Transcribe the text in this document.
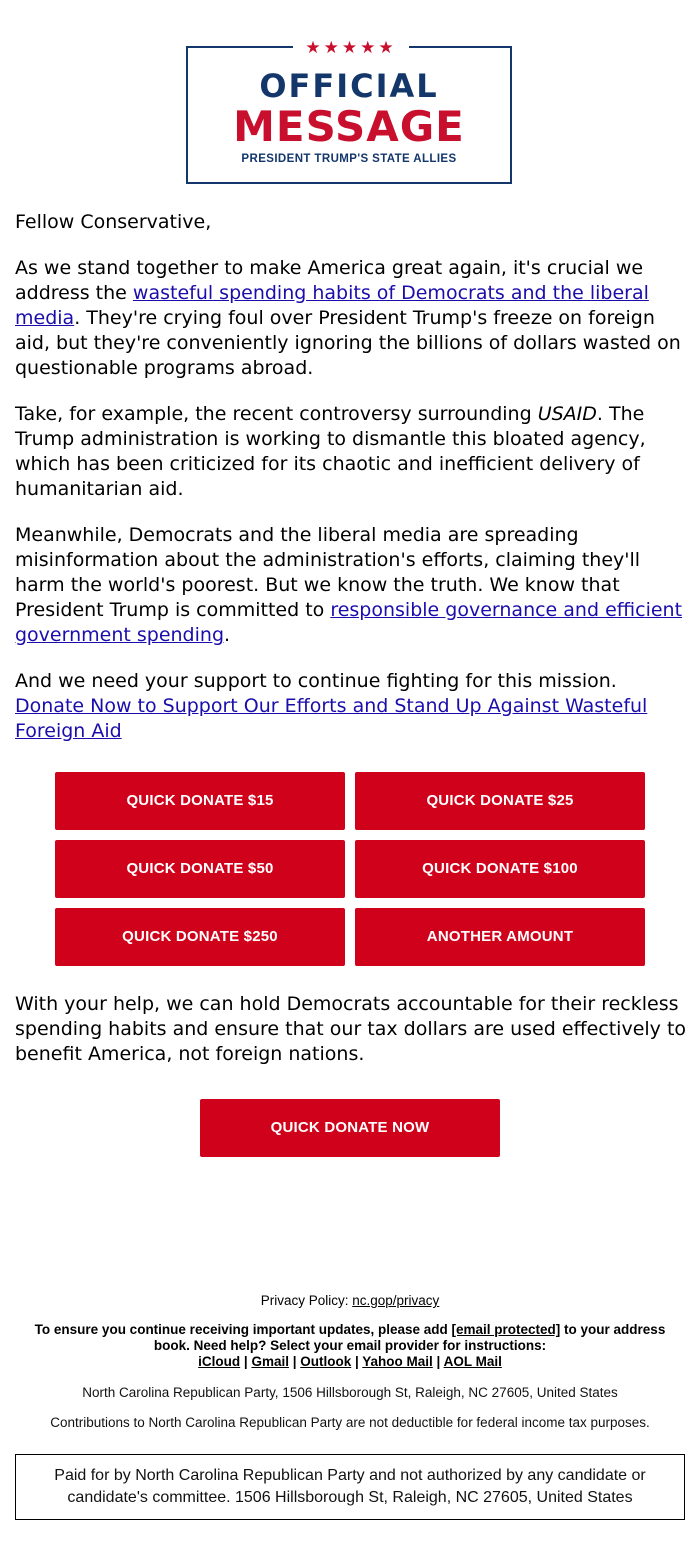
★★★★★
OFFICIAL
MESSAGE
PRESIDENT TRUMP'S STATE ALLIES

Fellow Conservative,

As we stand together to make America great again, it's crucial we address the wasteful spending habits of Democrats and the liberal media. They're crying foul over President Trump's freeze on foreign aid, but they're conveniently ignoring the billions of dollars wasted on questionable programs abroad.

Take, for example, the recent controversy surrounding USAID. The Trump administration is working to dismantle this bloated agency, which has been criticized for its chaotic and inefficient delivery of humanitarian aid.

Meanwhile, Democrats and the liberal media are spreading misinformation about the administration's efforts, claiming they'll harm the world's poorest. But we know the truth. We know that President Trump is committed to responsible governance and efficient government spending.

And we need your support to continue fighting for this mission. Donate Now to Support Our Efforts and Stand Up Against Wasteful Foreign Aid

QUICK DONATE $15	QUICK DONATE $25
QUICK DONATE $50	QUICK DONATE $100
QUICK DONATE $250	ANOTHER AMOUNT

With your help, we can hold Democrats accountable for their reckless spending habits and ensure that our tax dollars are used effectively to benefit America, not foreign nations.

QUICK DONATE NOW
Privacy Policy: nc.gop/privacy
To ensure you continue receiving important updates, please add [email protected] to your address book. Need help? Select your email provider for instructions:
iCloud | Gmail | Outlook | Yahoo Mail | AOL Mail
North Carolina Republican Party, 1506 Hillsborough St, Raleigh, NC 27605, United States
Contributions to North Carolina Republican Party are not deductible for federal income tax purposes.
Paid for by North Carolina Republican Party and not authorized by any candidate or candidate's committee. 1506 Hillsborough St, Raleigh, NC 27605, United States
